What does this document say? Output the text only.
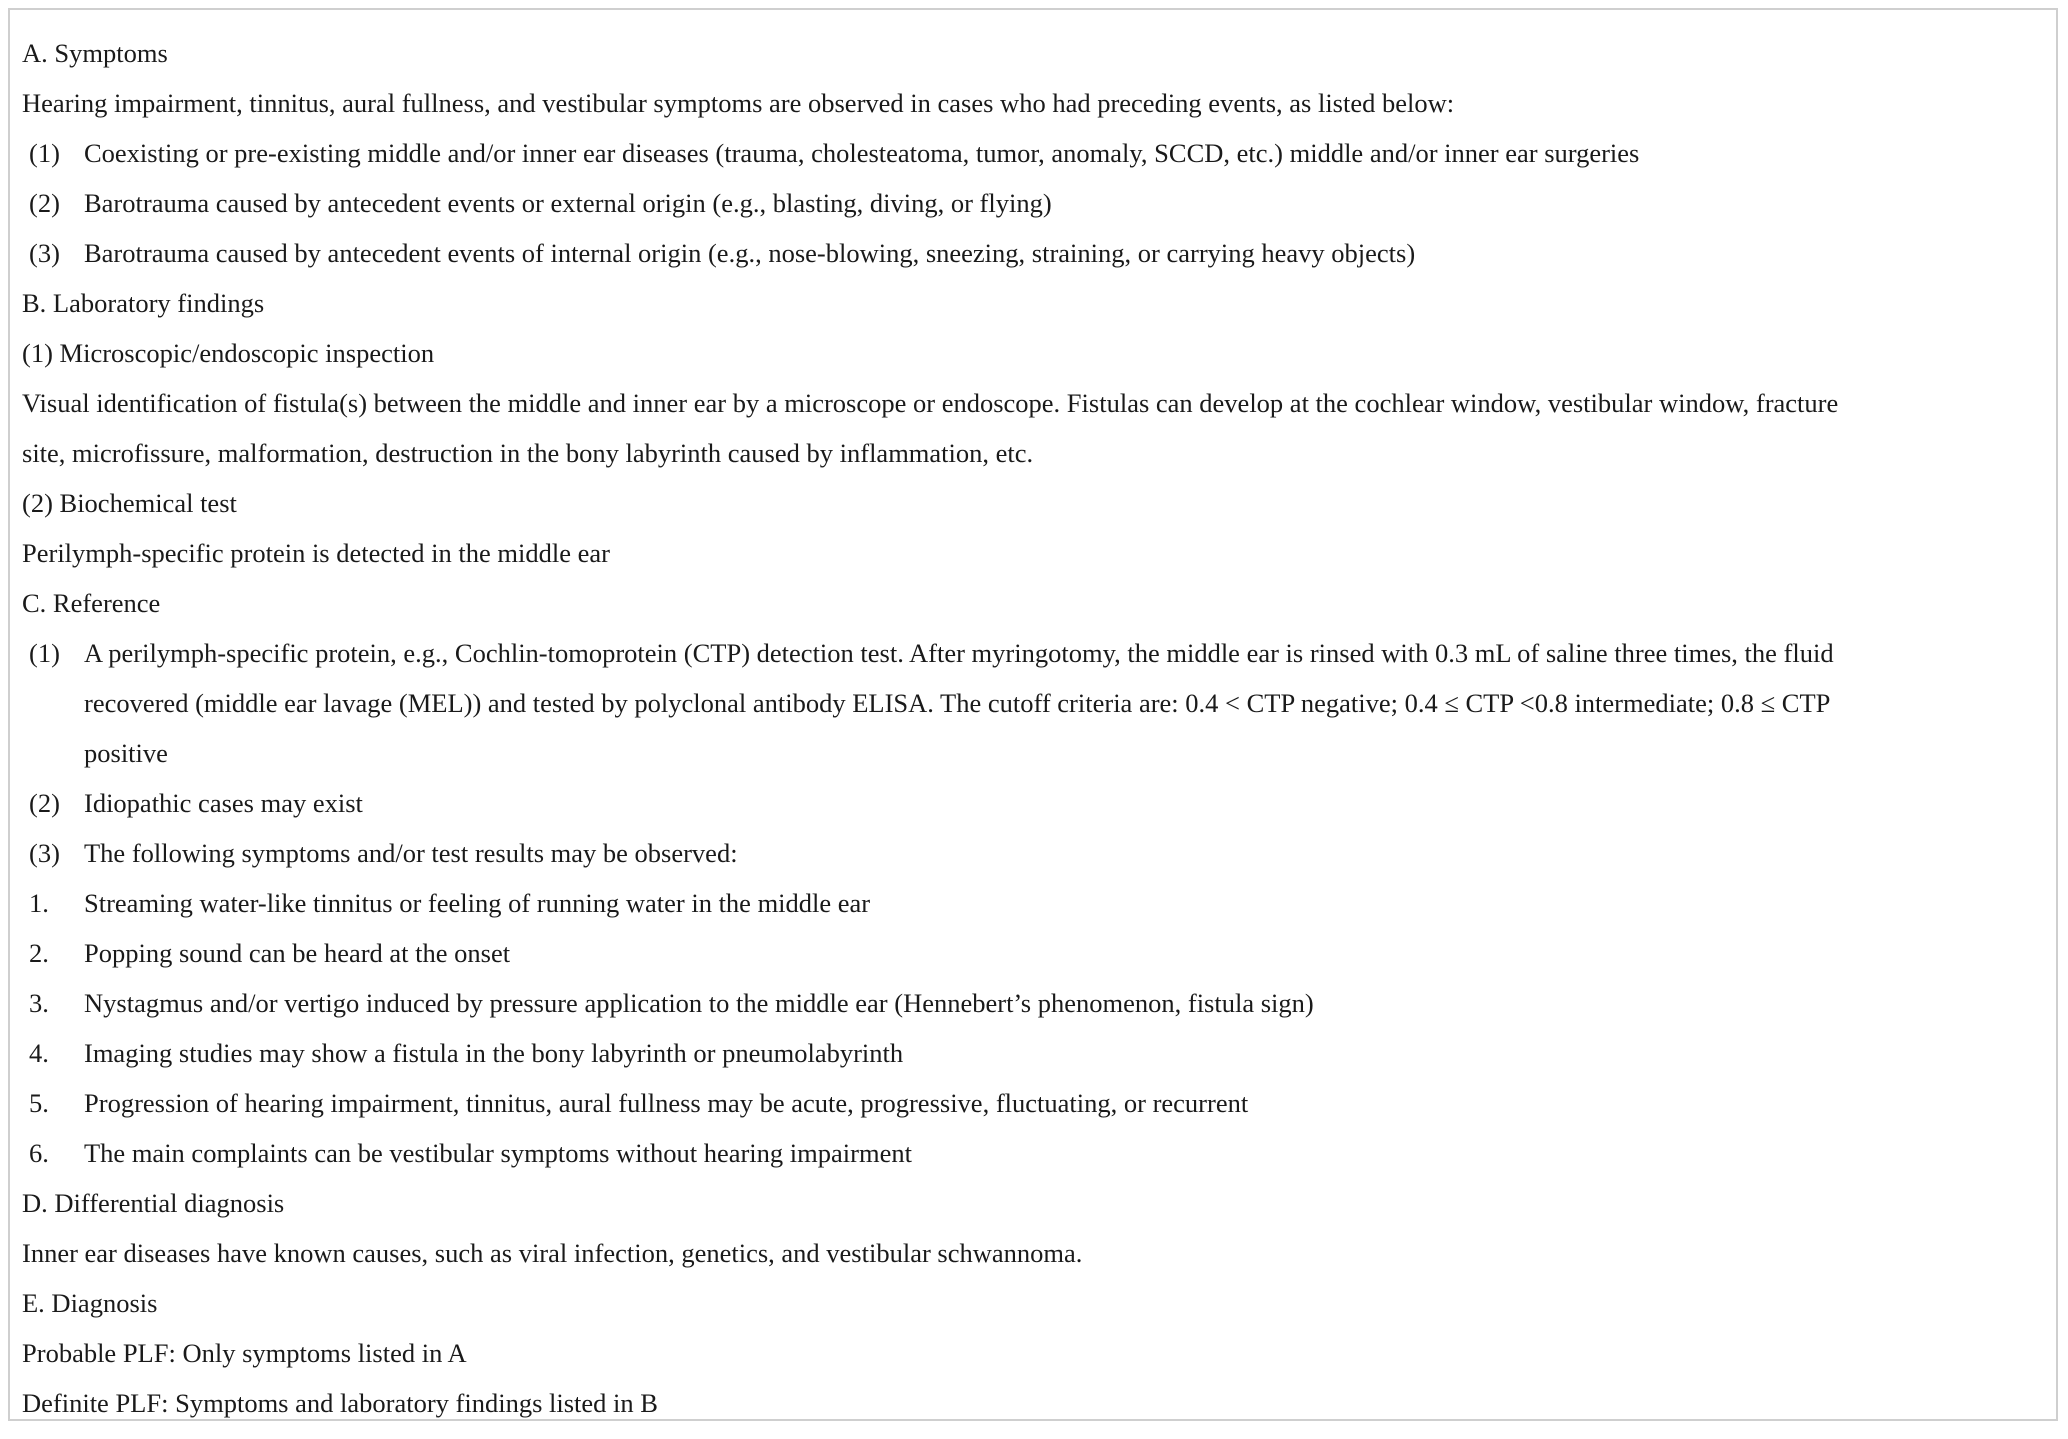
A. Symptoms
Hearing impairment, tinnitus, aural fullness, and vestibular symptoms are observed in cases who had preceding events, as listed below:
(1) Coexisting or pre-existing middle and/or inner ear diseases (trauma, cholesteatoma, tumor, anomaly, SCCD, etc.) middle and/or inner ear surgeries
(2) Barotrauma caused by antecedent events or external origin (e.g., blasting, diving, or flying)
(3) Barotrauma caused by antecedent events of internal origin (e.g., nose-blowing, sneezing, straining, or carrying heavy objects)
B. Laboratory findings
(1) Microscopic/endoscopic inspection
Visual identification of fistula(s) between the middle and inner ear by a microscope or endoscope. Fistulas can develop at the cochlear window, vestibular window, fracture
site, microfissure, malformation, destruction in the bony labyrinth caused by inflammation, etc.
(2) Biochemical test
Perilymph-specific protein is detected in the middle ear
C. Reference
(1) A perilymph-specific protein, e.g., Cochlin-tomoprotein (CTP) detection test. After myringotomy, the middle ear is rinsed with 0.3 mL of saline three times, the fluid
recovered (middle ear lavage (MEL)) and tested by polyclonal antibody ELISA. The cutoff criteria are: 0.4 < CTP negative; 0.4 ≤ CTP <0.8 intermediate; 0.8 ≤ CTP
positive
(2) Idiopathic cases may exist
(3) The following symptoms and/or test results may be observed:
1. Streaming water-like tinnitus or feeling of running water in the middle ear
2. Popping sound can be heard at the onset
3. Nystagmus and/or vertigo induced by pressure application to the middle ear (Hennebert’s phenomenon, fistula sign)
4. Imaging studies may show a fistula in the bony labyrinth or pneumolabyrinth
5. Progression of hearing impairment, tinnitus, aural fullness may be acute, progressive, fluctuating, or recurrent
6. The main complaints can be vestibular symptoms without hearing impairment
D. Differential diagnosis
Inner ear diseases have known causes, such as viral infection, genetics, and vestibular schwannoma.
E. Diagnosis
Probable PLF: Only symptoms listed in A
Definite PLF: Symptoms and laboratory findings listed in B
